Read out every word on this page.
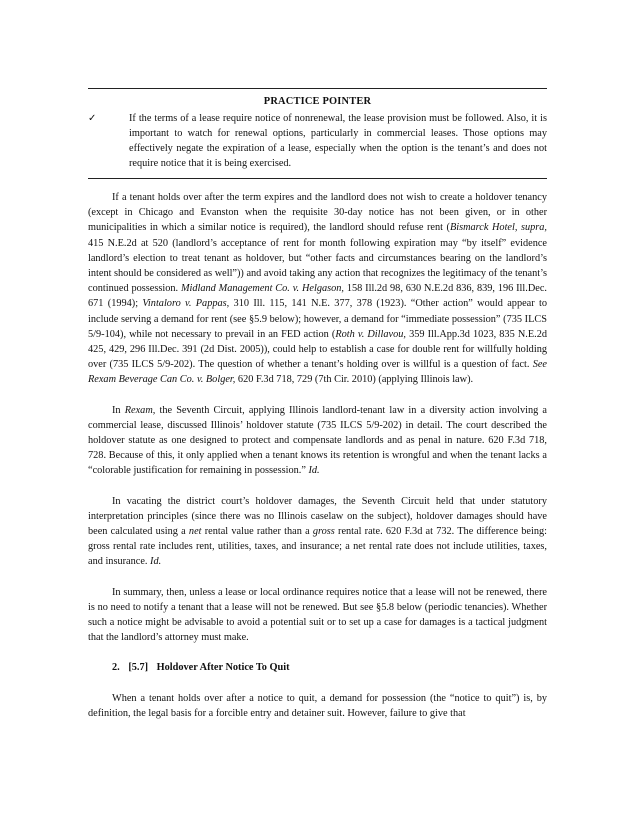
PRACTICE POINTER
✓	If the terms of a lease require notice of nonrenewal, the lease provision must be followed. Also, it is important to watch for renewal options, particularly in commercial leases. Those options may effectively negate the expiration of a lease, especially when the option is the tenant’s and does not require notice that it is being exercised.

If a tenant holds over after the term expires and the landlord does not wish to create a holdover tenancy (except in Chicago and Evanston when the requisite 30-day notice has not been given, or in other municipalities in which a similar notice is required), the landlord should refuse rent (Bismarck Hotel, supra, 415 N.E.2d at 520 (landlord’s acceptance of rent for month following expiration may “by itself” evidence landlord’s election to treat tenant as holdover, but “other facts and circumstances bearing on the landlord’s intent should be considered as well”)) and avoid taking any action that recognizes the legitimacy of the tenant’s continued possession. Midland Management Co. v. Helgason, 158 Ill.2d 98, 630 N.E.2d 836, 839, 196 Ill.Dec. 671 (1994); Vintaloro v. Pappas, 310 Ill. 115, 141 N.E. 377, 378 (1923). “Other action” would appear to include serving a demand for rent (see §5.9 below); however, a demand for “immediate possession” (735 ILCS 5/9-104), while not necessary to prevail in an FED action (Roth v. Dillavou, 359 Ill.App.3d 1023, 835 N.E.2d 425, 429, 296 Ill.Dec. 391 (2d Dist. 2005)), could help to establish a case for double rent for willfully holding over (735 ILCS 5/9-202). The question of whether a tenant’s holding over is willful is a question of fact. See Rexam Beverage Can Co. v. Bolger, 620 F.3d 718, 729 (7th Cir. 2010) (applying Illinois law).

In Rexam, the Seventh Circuit, applying Illinois landlord-tenant law in a diversity action involving a commercial lease, discussed Illinois’ holdover statute (735 ILCS 5/9-202) in detail. The court described the holdover statute as one designed to protect and compensate landlords and as penal in nature. 620 F.3d 718, 728. Because of this, it only applied when a tenant knows its retention is wrongful and when the tenant lacks a “colorable justification for remaining in possession.” Id.

In vacating the district court’s holdover damages, the Seventh Circuit held that under statutory interpretation principles (since there was no Illinois caselaw on the subject), holdover damages should have been calculated using a net rental value rather than a gross rental rate. 620 F.3d at 732. The difference being: gross rental rate includes rent, utilities, taxes, and insurance; a net rental rate does not include utilities, taxes, and insurance. Id.

In summary, then, unless a lease or local ordinance requires notice that a lease will not be renewed, there is no need to notify a tenant that a lease will not be renewed. But see §5.8 below (periodic tenancies). Whether such a notice might be advisable to avoid a potential suit or to set up a case for damages is a tactical judgment that the landlord’s attorney must make.

2. [5.7] Holdover After Notice To Quit

When a tenant holds over after a notice to quit, a demand for possession (the “notice to quit”) is, by definition, the legal basis for a forcible entry and detainer suit. However, failure to give that
